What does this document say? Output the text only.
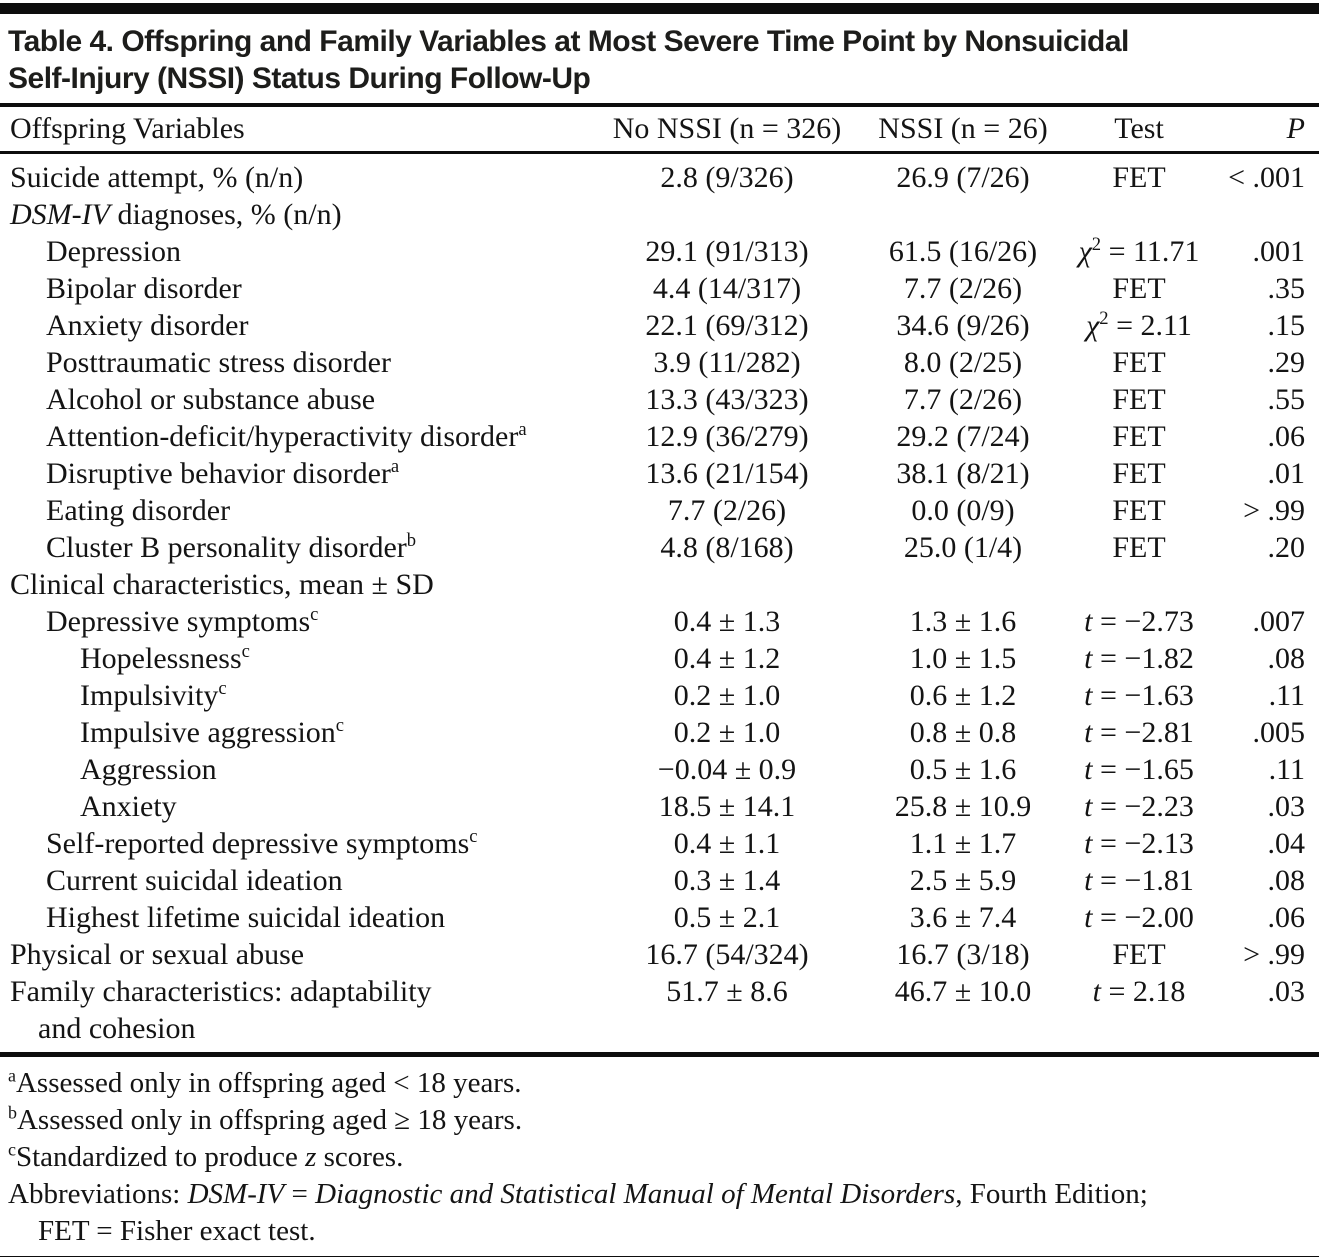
Table 4. Offspring and Family Variables at Most Severe Time Point by Nonsuicidal
Self-Injury (NSSI) Status During Follow-Up
Offspring Variables	No NSSI (n = 326)	NSSI (n = 26)	Test	P
Suicide attempt, % (n/n)	2.8 (9/326)	26.9 (7/26)	FET	< .001
DSM-IV diagnoses, % (n/n)
Depression	29.1 (91/313)	61.5 (16/26)	$\chi^2 = 11.71$	.001
Bipolar disorder	4.4 (14/317)	7.7 (2/26)	FET	.35
Anxiety disorder	22.1 (69/312)	34.6 (9/26)	$\chi^2 = 2.11$	.15
Posttraumatic stress disorder	3.9 (11/282)	8.0 (2/25)	FET	.29
Alcohol or substance abuse	13.3 (43/323)	7.7 (2/26)	FET	.55
Attention-deficit/hyperactivity disorder$^a$	12.9 (36/279)	29.2 (7/24)	FET	.06
Disruptive behavior disorder$^a$	13.6 (21/154)	38.1 (8/21)	FET	.01
Eating disorder	7.7 (2/26)	0.0 (0/9)	FET	> .99
Cluster B personality disorder$^b$	4.8 (8/168)	25.0 (1/4)	FET	.20
Clinical characteristics, mean ± SD
Depressive symptoms$^c$	0.4 ± 1.3	1.3 ± 1.6	t = −2.73	.007
Hopelessness$^c$	0.4 ± 1.2	1.0 ± 1.5	t = −1.82	.08
Impulsivity$^c$	0.2 ± 1.0	0.6 ± 1.2	t = −1.63	.11
Impulsive aggression$^c$	0.2 ± 1.0	0.8 ± 0.8	t = −2.81	.005
Aggression	−0.04 ± 0.9	0.5 ± 1.6	t = −1.65	.11
Anxiety	18.5 ± 14.1	25.8 ± 10.9	t = −2.23	.03
Self-reported depressive symptoms$^c$	0.4 ± 1.1	1.1 ± 1.7	t = −2.13	.04
Current suicidal ideation	0.3 ± 1.4	2.5 ± 5.9	t = −1.81	.08
Highest lifetime suicidal ideation	0.5 ± 2.1	3.6 ± 7.4	t = −2.00	.06
Physical or sexual abuse	16.7 (54/324)	16.7 (3/18)	FET	> .99
Family characteristics: adaptability
and cohesion
51.7 ± 8.6	46.7 ± 10.0	t = 2.18	.03
$^a$Assessed only in offspring aged < 18 years.
$^b$Assessed only in offspring aged ≥ 18 years.
$^c$Standardized to produce z scores.
Abbreviations: DSM-IV = Diagnostic and Statistical Manual of Mental Disorders, Fourth Edition;
FET = Fisher exact test.
